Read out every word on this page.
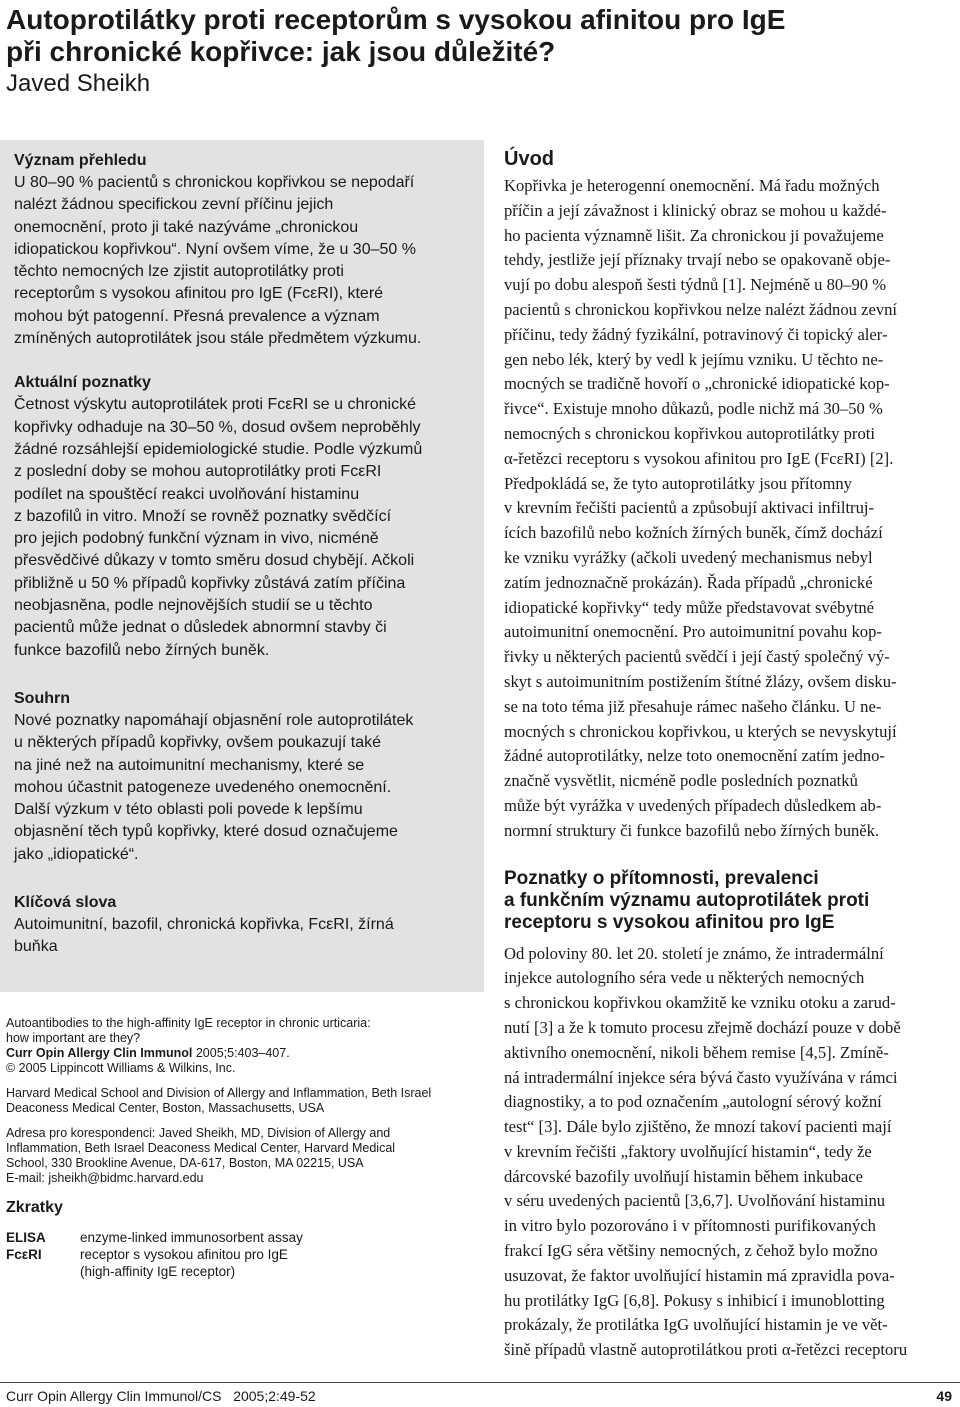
Autoprotilátky proti receptorům s vysokou afinitou pro IgE
při chronické kopřivce: jak jsou důležité?
Javed Sheikh
Význam přehledu
U 80–90 % pacientů s chronickou kopřivkou se nepodaří
nalézt žádnou specifickou zevní příčinu jejich
onemocnění, proto ji také nazýváme „chronickou
idiopatickou kopřivkou“. Nyní ovšem víme, že u 30–50 %
těchto nemocných lze zjistit autoprotilátky proti
receptorům s vysokou afinitou pro IgE (FcεRI), které
mohou být patogenní. Přesná prevalence a význam
zmíněných autoprotilátek jsou stále předmětem výzkumu.
Aktuální poznatky
Četnost výskytu autoprotilátek proti FcεRI se u chronické
kopřivky odhaduje na 30–50 %, dosud ovšem neproběhly
žádné rozsáhlejší epidemiologické studie. Podle výzkumů
z poslední doby se mohou autoprotilátky proti FcεRI
podílet na spouštěcí reakci uvolňování histaminu
z bazofilů in vitro. Množí se rovněž poznatky svědčící
pro jejich podobný funkční význam in vivo, nicméně
přesvědčivé důkazy v tomto směru dosud chybějí. Ačkoli
přibližně u 50 % případů kopřivky zůstává zatím příčina
neobjasněna, podle nejnovějších studií se u těchto
pacientů může jednat o důsledek abnormní stavby či
funkce bazofilů nebo žírných buněk.
Souhrn
Nové poznatky napomáhají objasnění role autoprotilátek
u některých případů kopřivky, ovšem poukazují také
na jiné než na autoimunitní mechanismy, které se
mohou účastnit patogeneze uvedeného onemocnění.
Další výzkum v této oblasti poli povede k lepšímu
objasnění těch typů kopřivky, které dosud označujeme
jako „idiopatické“.
Klíčová slova
Autoimunitní, bazofil, chronická kopřivka, FcεRI, žírná
buňka
Autoantibodies to the high-affinity IgE receptor in chronic urticaria:
how important are they?
Curr Opin Allergy Clin Immunol 2005;5:403–407.
© 2005 Lippincott Williams & Wilkins, Inc.
Harvard Medical School and Division of Allergy and Inflammation, Beth Israel
Deaconess Medical Center, Boston, Massachusetts, USA
Adresa pro korespondenci: Javed Sheikh, MD, Division of Allergy and
Inflammation, Beth Israel Deaconess Medical Center, Harvard Medical
School, 330 Brookline Avenue, DA-617, Boston, MA 02215, USA
E-mail: jsheikh@bidmc.harvard.edu
Zkratky
ELISA	enzyme-linked immunosorbent assay
FcεRI	receptor s vysokou afinitou pro IgE
(high-affinity IgE receptor)
Úvod
Kopřivka je heterogenní onemocnění. Má řadu možných
příčin a její závažnost i klinický obraz se mohou u každé-
ho pacienta významně lišit. Za chronickou ji považujeme
tehdy, jestliže její příznaky trvají nebo se opakovaně obje-
vují po dobu alespoň šesti týdnů [1]. Nejméně u 80–90 %
pacientů s chronickou kopřivkou nelze nalézt žádnou zevní
příčinu, tedy žádný fyzikální, potravinový či topický aler-
gen nebo lék, který by vedl k jejímu vzniku. U těchto ne-
mocných se tradičně hovoří o „chronické idiopatické kop-
řivce“. Existuje mnoho důkazů, podle nichž má 30–50 %
nemocných s chronickou kopřivkou autoprotilátky proti
α-řetězci receptoru s vysokou afinitou pro IgE (FcεRI) [2].
Předpokládá se, že tyto autoprotilátky jsou přítomny
v krevním řečišti pacientů a způsobují aktivaci infiltruj-
ících bazofilů nebo kožních žírných buněk, čímž dochází
ke vzniku vyrážky (ačkoli uvedený mechanismus nebyl
zatím jednoznačně prokázán). Řada případů „chronické
idiopatické kopřivky“ tedy může představovat svébytné
autoimunitní onemocnění. Pro autoimunitní povahu kop-
řivky u některých pacientů svědčí i její častý společný vý-
skyt s autoimunitním postižením štítné žlázy, ovšem disku-
se na toto téma již přesahuje rámec našeho článku. U ne-
mocných s chronickou kopřivkou, u kterých se nevyskytují
žádné autoprotilátky, nelze toto onemocnění zatím jedno-
značně vysvětlit, nicméně podle posledních poznatků
může být vyrážka v uvedených případech důsledkem ab-
normní struktury či funkce bazofilů nebo žírných buněk.
Poznatky o přítomnosti, prevalenci
a funkčním významu autoprotilátek proti
receptoru s vysokou afinitou pro IgE
Od poloviny 80. let 20. století je známo, že intradermální
injekce autologního séra vede u některých nemocných
s chronickou kopřivkou okamžitě ke vzniku otoku a zarud-
nutí [3] a že k tomuto procesu zřejmě dochází pouze v době
aktivního onemocnění, nikoli během remise [4,5]. Zmíně-
ná intradermální injekce séra bývá často využívána v rámci
diagnostiky, a to pod označením „autologní sérový kožní
test“ [3]. Dále bylo zjištěno, že mnozí takoví pacienti mají
v krevním řečišti „faktory uvolňující histamin“, tedy že
dárcovské bazofily uvolňují histamin během inkubace
v séru uvedených pacientů [3,6,7]. Uvolňování histaminu
in vitro bylo pozorováno i v přítomnosti purifikovaných
frakcí IgG séra většiny nemocných, z čehož bylo možno
usuzovat, že faktor uvolňující histamin má zpravidla pova-
hu protilátky IgG [6,8]. Pokusy s inhibicí i imunoblotting
prokázaly, že protilátka IgG uvolňující histamin je ve vět-
šině případů vlastně autoprotilátkou proti α-řetězci receptoru
Curr Opin Allergy Clin Immunol/CS 2005;2:49-52	49
